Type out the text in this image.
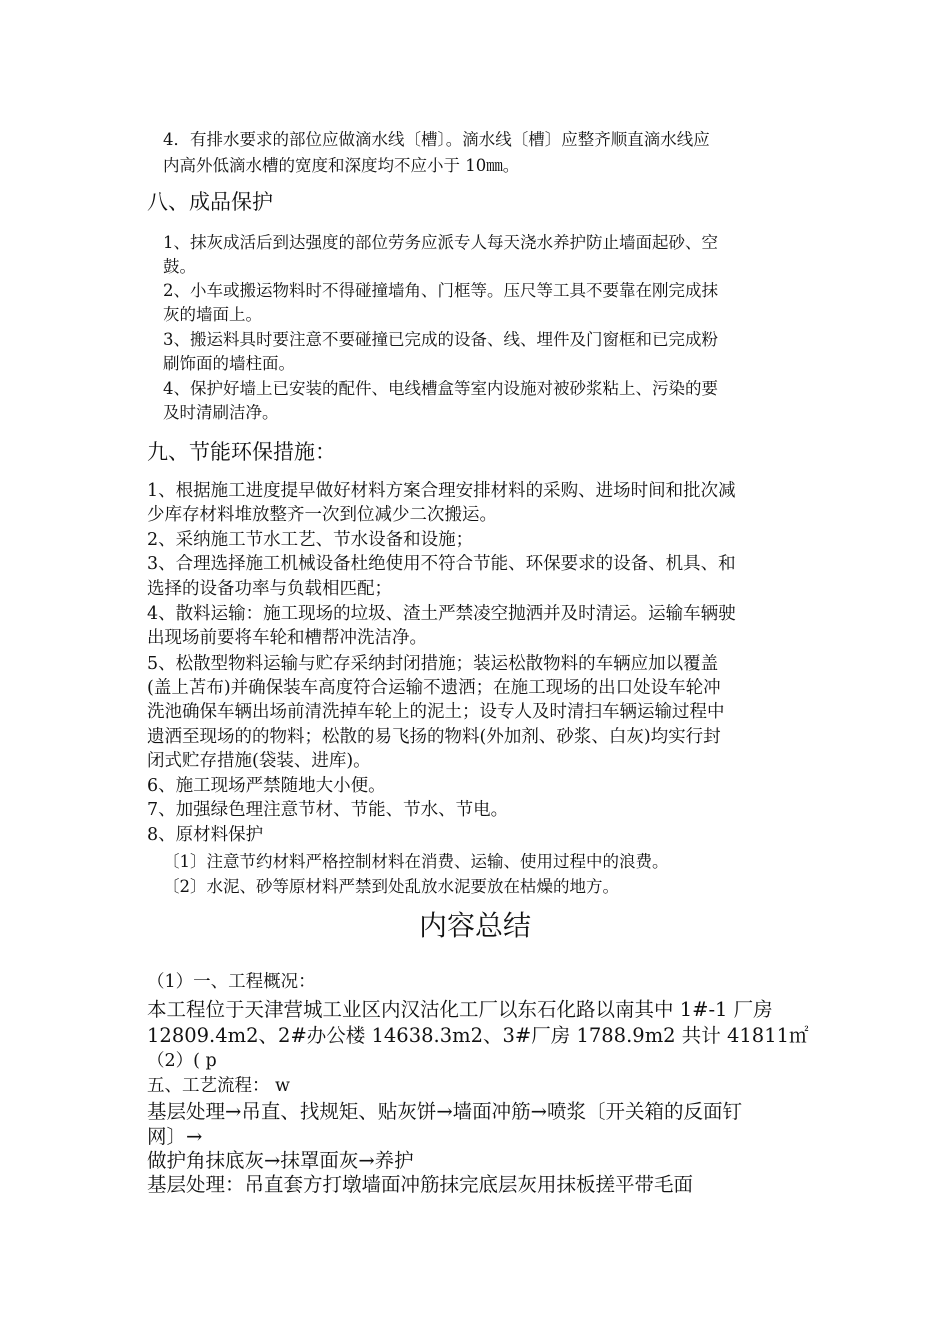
4．有排水要求的部位应做滴水线〔槽〕。滴水线〔槽〕应整齐顺直滴水线应
内高外低滴水槽的宽度和深度均不应小于 10㎜。
八、成品保护
1、抹灰成活后到达强度的部位劳务应派专人每天浇水养护防止墙面起砂、空
鼓。
2、小车或搬运物料时不得碰撞墙角、门框等。压尺等工具不要靠在刚完成抹
灰的墙面上。
3、搬运料具时要注意不要碰撞已完成的设备、线、埋件及门窗框和已完成粉
刷饰面的墙柱面。
4、保护好墙上已安装的配件、电线槽盒等室内设施对被砂浆粘上、污染的要
及时清刷洁净。
九、节能环保措施：
1、根据施工进度提早做好材料方案合理安排材料的采购、进场时间和批次减
少库存材料堆放整齐一次到位减少二次搬运。
2、采纳施工节水工艺、节水设备和设施；
3、合理选择施工机械设备杜绝使用不符合节能、环保要求的设备、机具、和
选择的设备功率与负载相匹配；
4、散料运输：施工现场的垃圾、渣土严禁凌空抛洒并及时清运。运输车辆驶
出现场前要将车轮和槽帮冲洗洁净。
5、松散型物料运输与贮存采纳封闭措施；装运松散物料的车辆应加以覆盖
(盖上苫布)并确保装车高度符合运输不遗洒；在施工现场的出口处设车轮冲
洗池确保车辆出场前清洗掉车轮上的泥土；设专人及时清扫车辆运输过程中
遗洒至现场的的物料；松散的易飞扬的物料(外加剂、砂浆、白灰)均实行封
闭式贮存措施(袋装、进库)。
6、施工现场严禁随地大小便。
7、加强绿色理注意节材、节能、节水、节电。
8、原材料保护
〔1〕注意节约材料严格控制材料在消费、运输、使用过程中的浪费。
〔2〕水泥、砂等原材料严禁到处乱放水泥要放在枯燥的地方。
内容总结
（1）一、工程概况：
本工程位于天津营城工业区内汉沽化工厂以东石化路以南其中 1#-1 厂房
12809.4m2、2#办公楼 14638.3m2、3#厂房 1788.9m2 共计 41811㎡
（2）( p
五、工艺流程： w
基层处理→吊直、找规矩、贴灰饼→墙面冲筋→喷浆〔开关箱的反面钉
网〕→
做护角抹底灰→抹罩面灰→养护
基层处理：吊直套方打墩墙面冲筋抹完底层灰用抹板搓平带毛面
